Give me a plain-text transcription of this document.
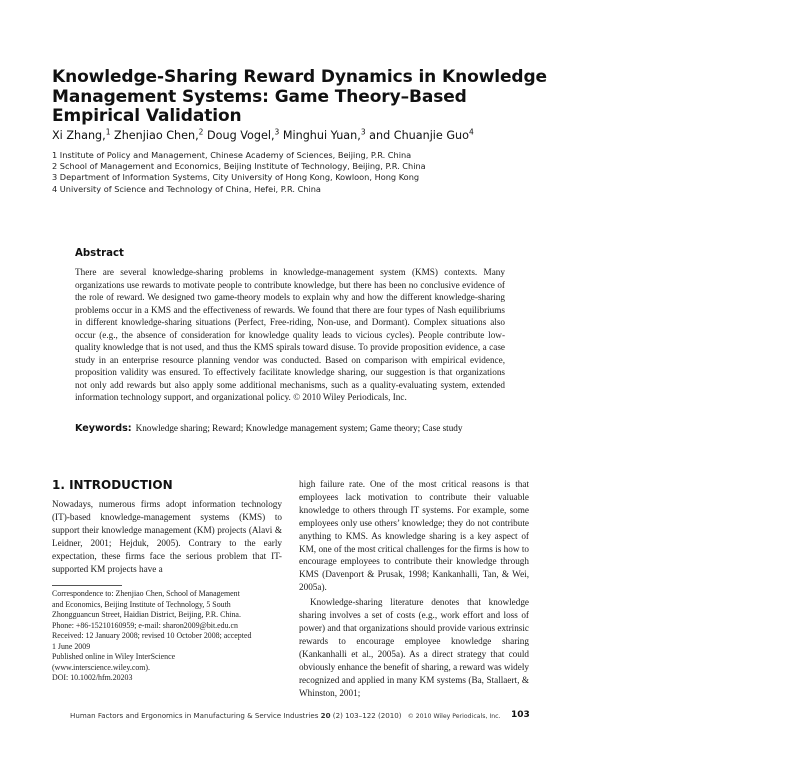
Knowledge-Sharing Reward Dynamics in Knowledge
Management Systems: Game Theory–Based
Empirical Validation
Xi Zhang,$^1$ Zhenjiao Chen,$^2$ Doug Vogel,$^3$ Minghui Yuan,$^3$ and Chuanjie Guo$^4$
1 Institute of Policy and Management, Chinese Academy of Sciences, Beijing, P.R. China
2 School of Management and Economics, Beijing Institute of Technology, Beijing, P.R. China
3 Department of Information Systems, City University of Hong Kong, Kowloon, Hong Kong
4 University of Science and Technology of China, Hefei, P.R. China
Abstract
There are several knowledge-sharing problems in knowledge-management system (KMS) contexts. Many organizations use rewards to motivate people to contribute knowledge, but there has been no conclusive evidence of the role of reward. We designed two game-theory models to explain why and how the different knowledge-sharing problems occur in a KMS and the effectiveness of rewards. We found that there are four types of Nash equilibriums in different knowledge-sharing situations (Perfect, Free-riding, Non-use, and Dormant). Complex situations also occur (e.g., the absence of consideration for knowledge quality leads to vicious cycles). People contribute low-quality knowledge that is not used, and thus the KMS spirals toward disuse. To provide proposition evidence, a case study in an enterprise resource planning vendor was conducted. Based on comparison with empirical evidence, proposition validity was ensured. To effectively facilitate knowledge sharing, our suggestion is that organizations not only add rewards but also apply some additional mechanisms, such as a quality-evaluating system, extended information technology support, and organizational policy. © 2010 Wiley Periodicals, Inc.
Keywords: Knowledge sharing; Reward; Knowledge management system; Game theory; Case study
1. INTRODUCTION
Nowadays, numerous firms adopt information technology (IT)-based knowledge-management systems (KMS) to support their knowledge management (KM) projects (Alavi & Leidner, 2001; Hejduk, 2005). Contrary to the early expectation, these firms face the serious problem that IT-supported KM projects have a

high failure rate. One of the most critical reasons is that employees lack motivation to contribute their valuable knowledge to others through IT systems. For example, some employees only use others’ knowledge; they do not contribute anything to KMS. As knowledge sharing is a key aspect of KM, one of the most critical challenges for the firms is how to encourage employees to contribute their knowledge through KMS (Davenport & Prusak, 1998; Kankanhalli, Tan, & Wei, 2005a).

Knowledge-sharing literature denotes that knowledge sharing involves a set of costs (e.g., work effort and loss of power) and that organizations should provide various extrinsic rewards to encourage employee knowledge sharing (Kankanhalli et al., 2005a). As a direct strategy that could obviously enhance the benefit of sharing, a reward was widely recognized and applied in many KM systems (Ba, Stallaert, & Whinston, 2001;

Correspondence to: Zhenjiao Chen, School of Management
and Economics, Beijing Institute of Technology, 5 South
Zhongguancun Street, Haidian District, Beijing, P.R. China.
Phone: +86-15210160959; e-mail: sharon2009@bit.edu.cn
Received: 12 January 2008; revised 10 October 2008; accepted
1 June 2009
Published online in Wiley InterScience
(www.interscience.wiley.com).
DOI: 10.1002/hfm.20203
Human Factors and Ergonomics in Manufacturing & Service Industries 20 (2) 103–122 (2010) © 2010 Wiley Periodicals, Inc.	103
